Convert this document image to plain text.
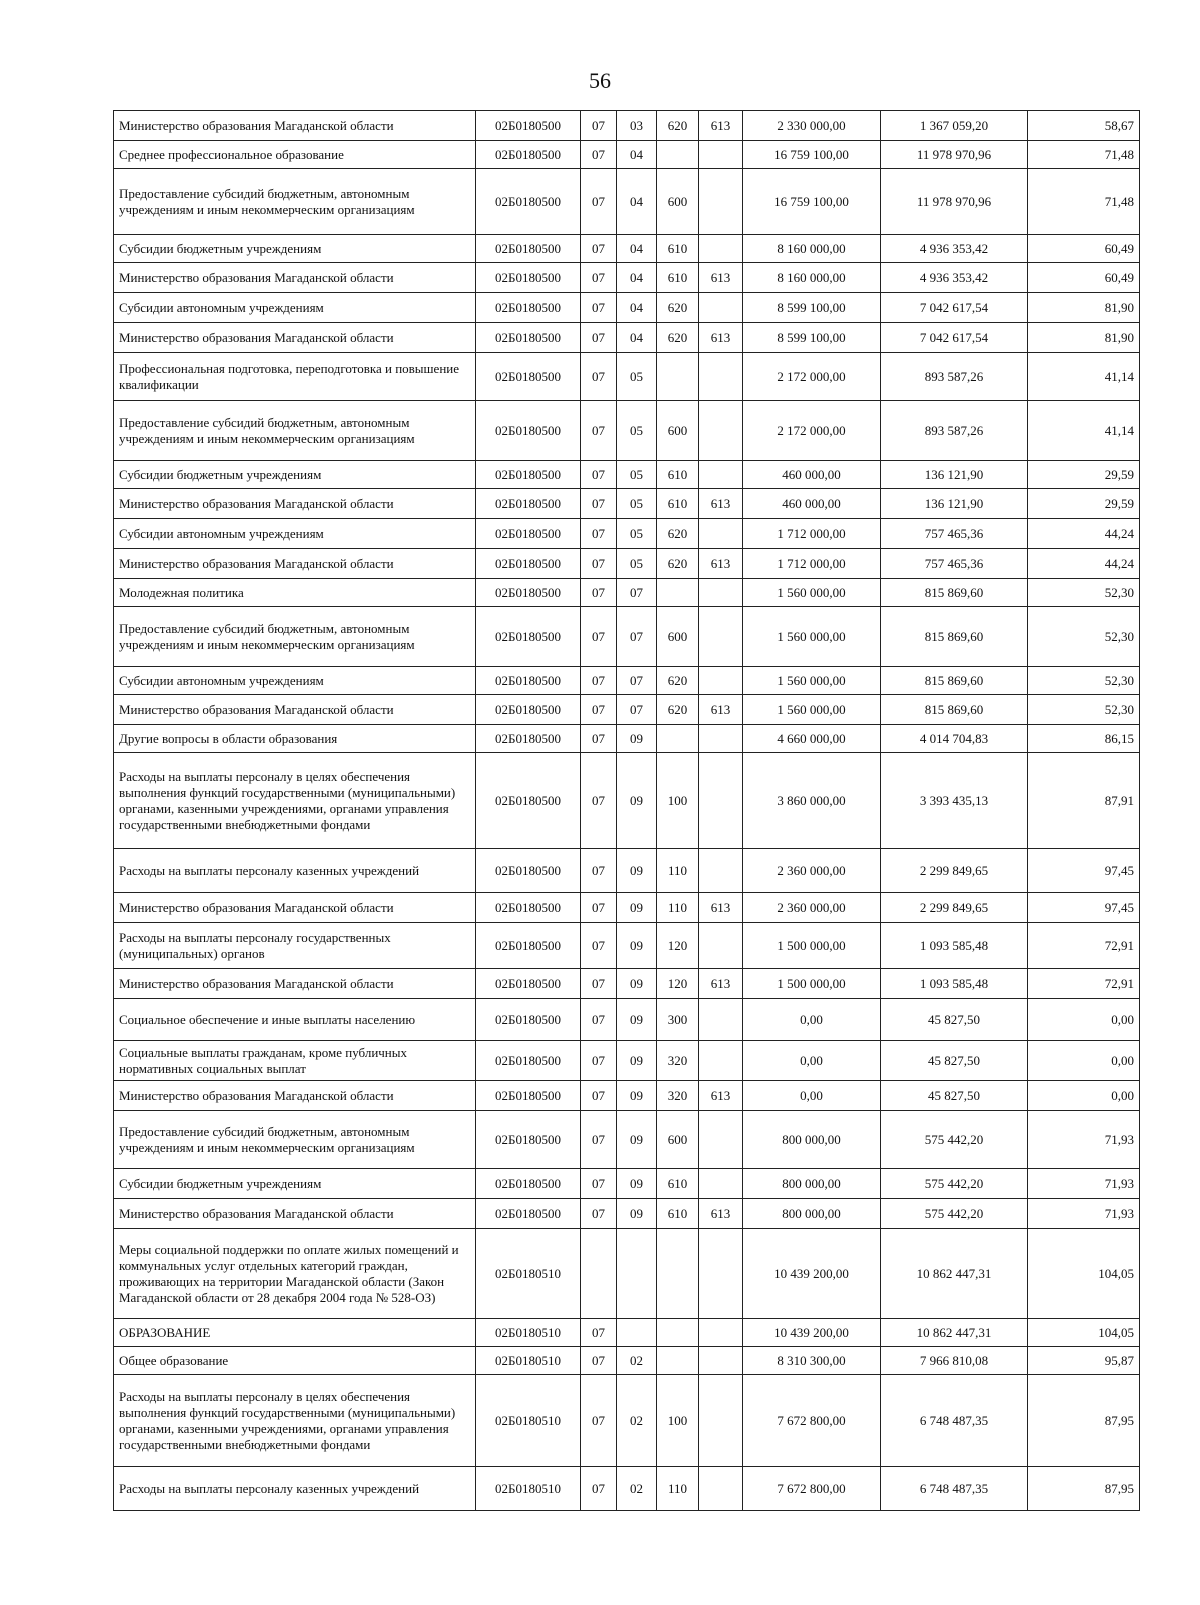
56
Министерство образования Магаданской области	02Б0180500	07	03	620	613	2 330 000,00	1 367 059,20	58,67
Среднее профессиональное образование	02Б0180500	07	04			16 759 100,00	11 978 970,96	71,48
Предоставление субсидий бюджетным, автономным учреждениям и иным некоммерческим организациям	02Б0180500	07	04	600		16 759 100,00	11 978 970,96	71,48
Субсидии бюджетным учреждениям	02Б0180500	07	04	610		8 160 000,00	4 936 353,42	60,49
Министерство образования Магаданской области	02Б0180500	07	04	610	613	8 160 000,00	4 936 353,42	60,49
Субсидии автономным учреждениям	02Б0180500	07	04	620		8 599 100,00	7 042 617,54	81,90
Министерство образования Магаданской области	02Б0180500	07	04	620	613	8 599 100,00	7 042 617,54	81,90
Профессиональная подготовка, переподготовка и повышение квалификации	02Б0180500	07	05			2 172 000,00	893 587,26	41,14
Предоставление субсидий бюджетным, автономным учреждениям и иным некоммерческим организациям	02Б0180500	07	05	600		2 172 000,00	893 587,26	41,14
Субсидии бюджетным учреждениям	02Б0180500	07	05	610		460 000,00	136 121,90	29,59
Министерство образования Магаданской области	02Б0180500	07	05	610	613	460 000,00	136 121,90	29,59
Субсидии автономным учреждениям	02Б0180500	07	05	620		1 712 000,00	757 465,36	44,24
Министерство образования Магаданской области	02Б0180500	07	05	620	613	1 712 000,00	757 465,36	44,24
Молодежная политика	02Б0180500	07	07			1 560 000,00	815 869,60	52,30
Предоставление субсидий бюджетным, автономным учреждениям и иным некоммерческим организациям	02Б0180500	07	07	600		1 560 000,00	815 869,60	52,30
Субсидии автономным учреждениям	02Б0180500	07	07	620		1 560 000,00	815 869,60	52,30
Министерство образования Магаданской области	02Б0180500	07	07	620	613	1 560 000,00	815 869,60	52,30
Другие вопросы в области образования	02Б0180500	07	09			4 660 000,00	4 014 704,83	86,15
Расходы на выплаты персоналу в целях обеспечения выполнения функций государственными (муниципальными) органами, казенными учреждениями, органами управления государственными внебюджетными фондами	02Б0180500	07	09	100		3 860 000,00	3 393 435,13	87,91
Расходы на выплаты персоналу казенных учреждений	02Б0180500	07	09	110		2 360 000,00	2 299 849,65	97,45
Министерство образования Магаданской области	02Б0180500	07	09	110	613	2 360 000,00	2 299 849,65	97,45
Расходы на выплаты персоналу государственных (муниципальных) органов	02Б0180500	07	09	120		1 500 000,00	1 093 585,48	72,91
Министерство образования Магаданской области	02Б0180500	07	09	120	613	1 500 000,00	1 093 585,48	72,91
Социальное обеспечение и иные выплаты населению	02Б0180500	07	09	300		0,00	45 827,50	0,00
Социальные выплаты гражданам, кроме публичных нормативных социальных выплат	02Б0180500	07	09	320		0,00	45 827,50	0,00
Министерство образования Магаданской области	02Б0180500	07	09	320	613	0,00	45 827,50	0,00
Предоставление субсидий бюджетным, автономным учреждениям и иным некоммерческим организациям	02Б0180500	07	09	600		800 000,00	575 442,20	71,93
Субсидии бюджетным учреждениям	02Б0180500	07	09	610		800 000,00	575 442,20	71,93
Министерство образования Магаданской области	02Б0180500	07	09	610	613	800 000,00	575 442,20	71,93
Меры социальной поддержки по оплате жилых помещений и коммунальных услуг отдельных категорий граждан, проживающих на территории Магаданской области (Закон Магаданской области от 28 декабря 2004 года № 528-ОЗ)	02Б0180510					10 439 200,00	10 862 447,31	104,05
ОБРАЗОВАНИЕ	02Б0180510	07				10 439 200,00	10 862 447,31	104,05
Общее образование	02Б0180510	07	02			8 310 300,00	7 966 810,08	95,87
Расходы на выплаты персоналу в целях обеспечения выполнения функций государственными (муниципальными) органами, казенными учреждениями, органами управления государственными внебюджетными фондами	02Б0180510	07	02	100		7 672 800,00	6 748 487,35	87,95
Расходы на выплаты персоналу казенных учреждений	02Б0180510	07	02	110		7 672 800,00	6 748 487,35	87,95
